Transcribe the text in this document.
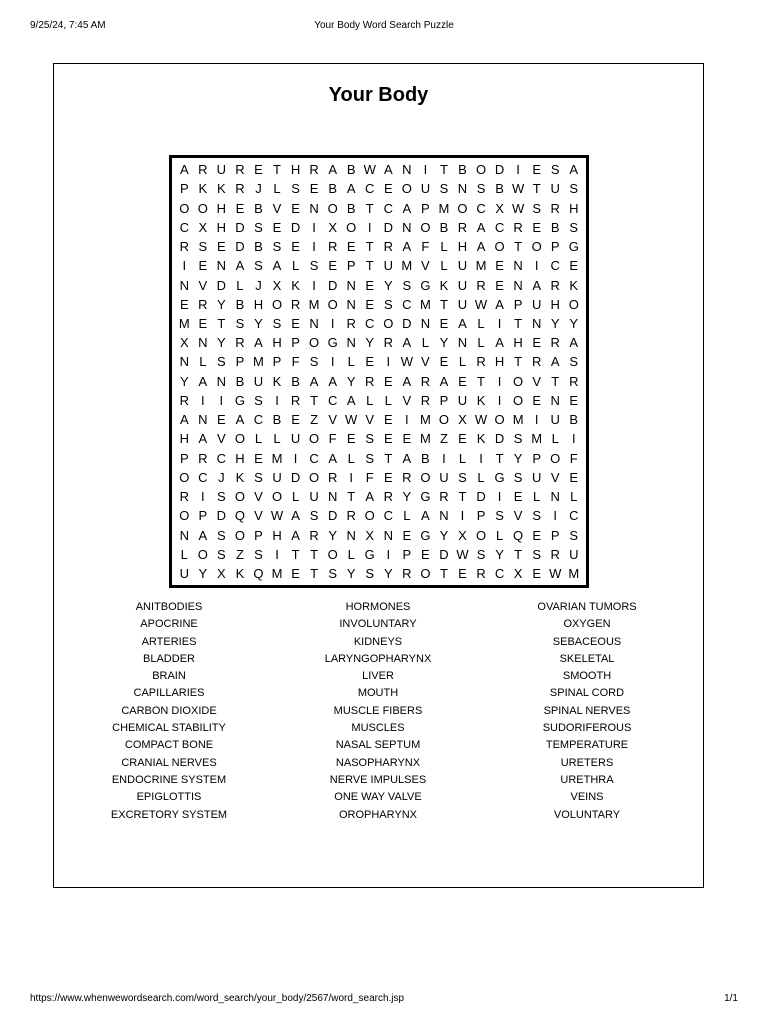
9/25/24, 7:45 AM	Your Body Word Search Puzzle
Your Body
A R U R E T H R A B W A N I T B O D I E S A
P K K R J L S E B A C E O U S N S B W T U S
O O H E B V E N O B T C A P M O C X W S R H
C X H D S E D I X O I D N O B R A C R E B S
R S E D B S E I R E T R A F L H A O T O P G
I E N A S A L S E P T U M V L U M E N I C E
N V D L J X K I D N E Y S G K U R E N A R K
E R Y B H O R M O N E S C M T U W A P U H O
M E T S Y S E N I R C O D N E A L	I T N Y Y
X N Y R A H P O G N Y R A L Y N L A H E R A
N L S P M P F S I	L E I W V E L R H T R A S
Y A N B U K B A A Y R E A R A E T I O V T R
R I	I G S I R T C A L L V R P U K I O E N E
A N E A C B E Z V W V E I M O X W O M I U B
H A V O L L U O F E S E E M Z E K D S M L	I
P R C H E M I C A L S T A B I	L	I T Y P O F
O C J K S U D O R I F E R O U S L G S U V E
R I S O V O L U N T A R Y G R T D I E L N L
O P D Q V W A S D R O C L A N I P S V S I C
N A S O P H A R Y N X N E G Y X O L Q E P S
L O S Z S I T T O L G I P E D W S Y T S R U
U Y X K Q M E T S Y S Y R O T E R C X E W M
ANITBODIES
APOCRINE
ARTERIES
BLADDER
BRAIN
CAPILLARIES
CARBON DIOXIDE
CHEMICAL STABILITY
COMPACT BONE
CRANIAL NERVES
ENDOCRINE SYSTEM
EPIGLOTTIS
EXCRETORY SYSTEM
HORMONES
INVOLUNTARY
KIDNEYS
LARYNGOPHARYNX
LIVER
MOUTH
MUSCLE FIBERS
MUSCLES
NASAL SEPTUM
NASOPHARYNX
NERVE IMPULSES
ONE WAY VALVE
OROPHARYNX
OVARIAN TUMORS
OXYGEN
SEBACEOUS
SKELETAL
SMOOTH
SPINAL CORD
SPINAL NERVES
SUDORIFEROUS
TEMPERATURE
URETERS
URETHRA
VEINS
VOLUNTARY
https://www.whenwewordsearch.com/word_search/your_body/2567/word_search.jsp	1/1
